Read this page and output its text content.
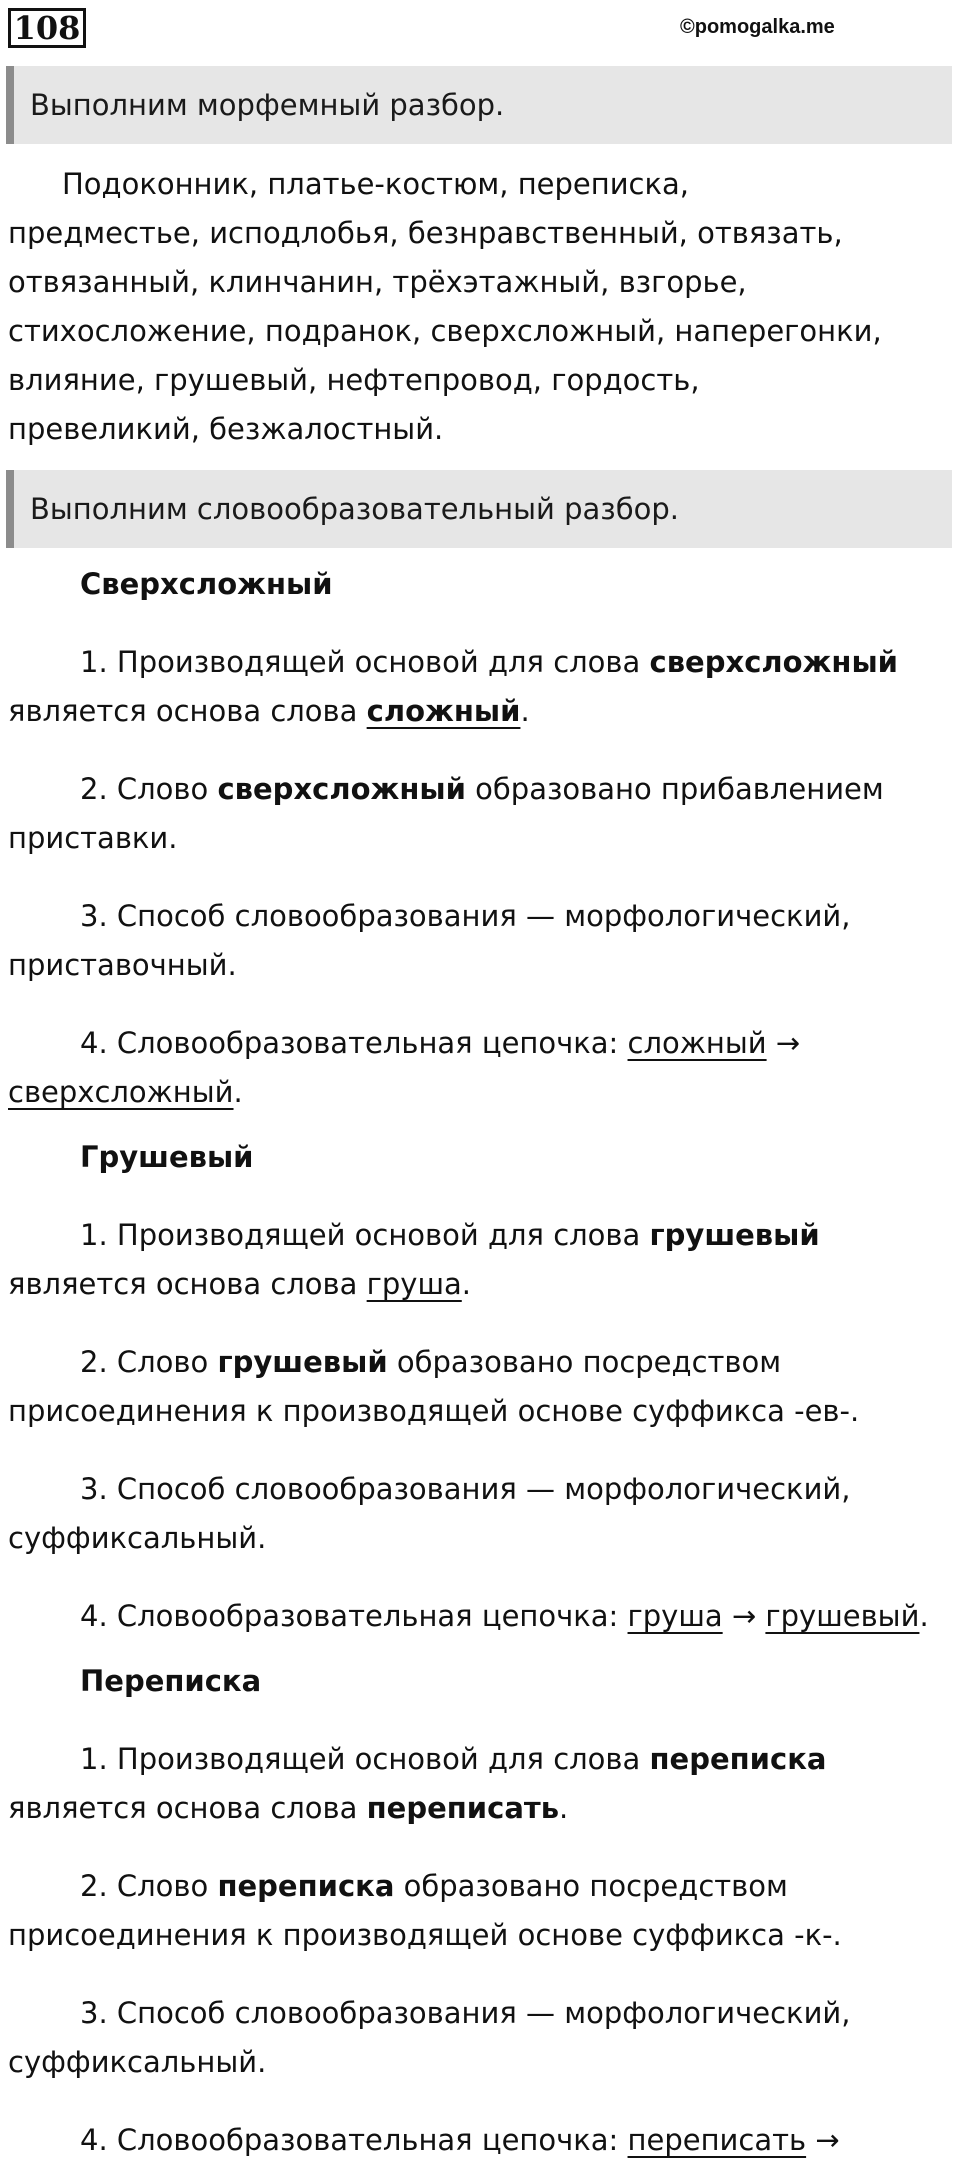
108	©pomogalka.me
Выполним морфемный разбор.
Подоконник, платье-костюм, переписка,
предместье, исподлобья, безнравственный, отвязать,
отвязанный, клинчанин, трёхэтажный, взгорье,
стихосложение, подранок, сверхсложный, наперегонки,
влияние, грушевый, нефтепровод, гордость,
превеликий, безжалостный.
Выполним словообразовательный разбор.
Сверхсложный

1. Производящей основой для слова сверхсложный является основа слова сложный.

2. Слово сверхсложный образовано прибавлением приставки.

3. Способ словообразования — морфологический, приставочный.

4. Словообразовательная цепочка: сложный → сверхсложный.

Грушевый

1. Производящей основой для слова грушевый является основа слова груша.

2. Слово грушевый образовано посредством присоединения к производящей основе суффикса -ев-.

3. Способ словообразования — морфологический, суффиксальный.

4. Словообразовательная цепочка: груша → грушевый.

Переписка

1. Производящей основой для слова переписка является основа слова переписать.

2. Слово переписка образовано посредством присоединения к производящей основе суффикса -к-.

3. Способ словообразования — морфологический, суффиксальный.

4. Словообразовательная цепочка: переписать →
